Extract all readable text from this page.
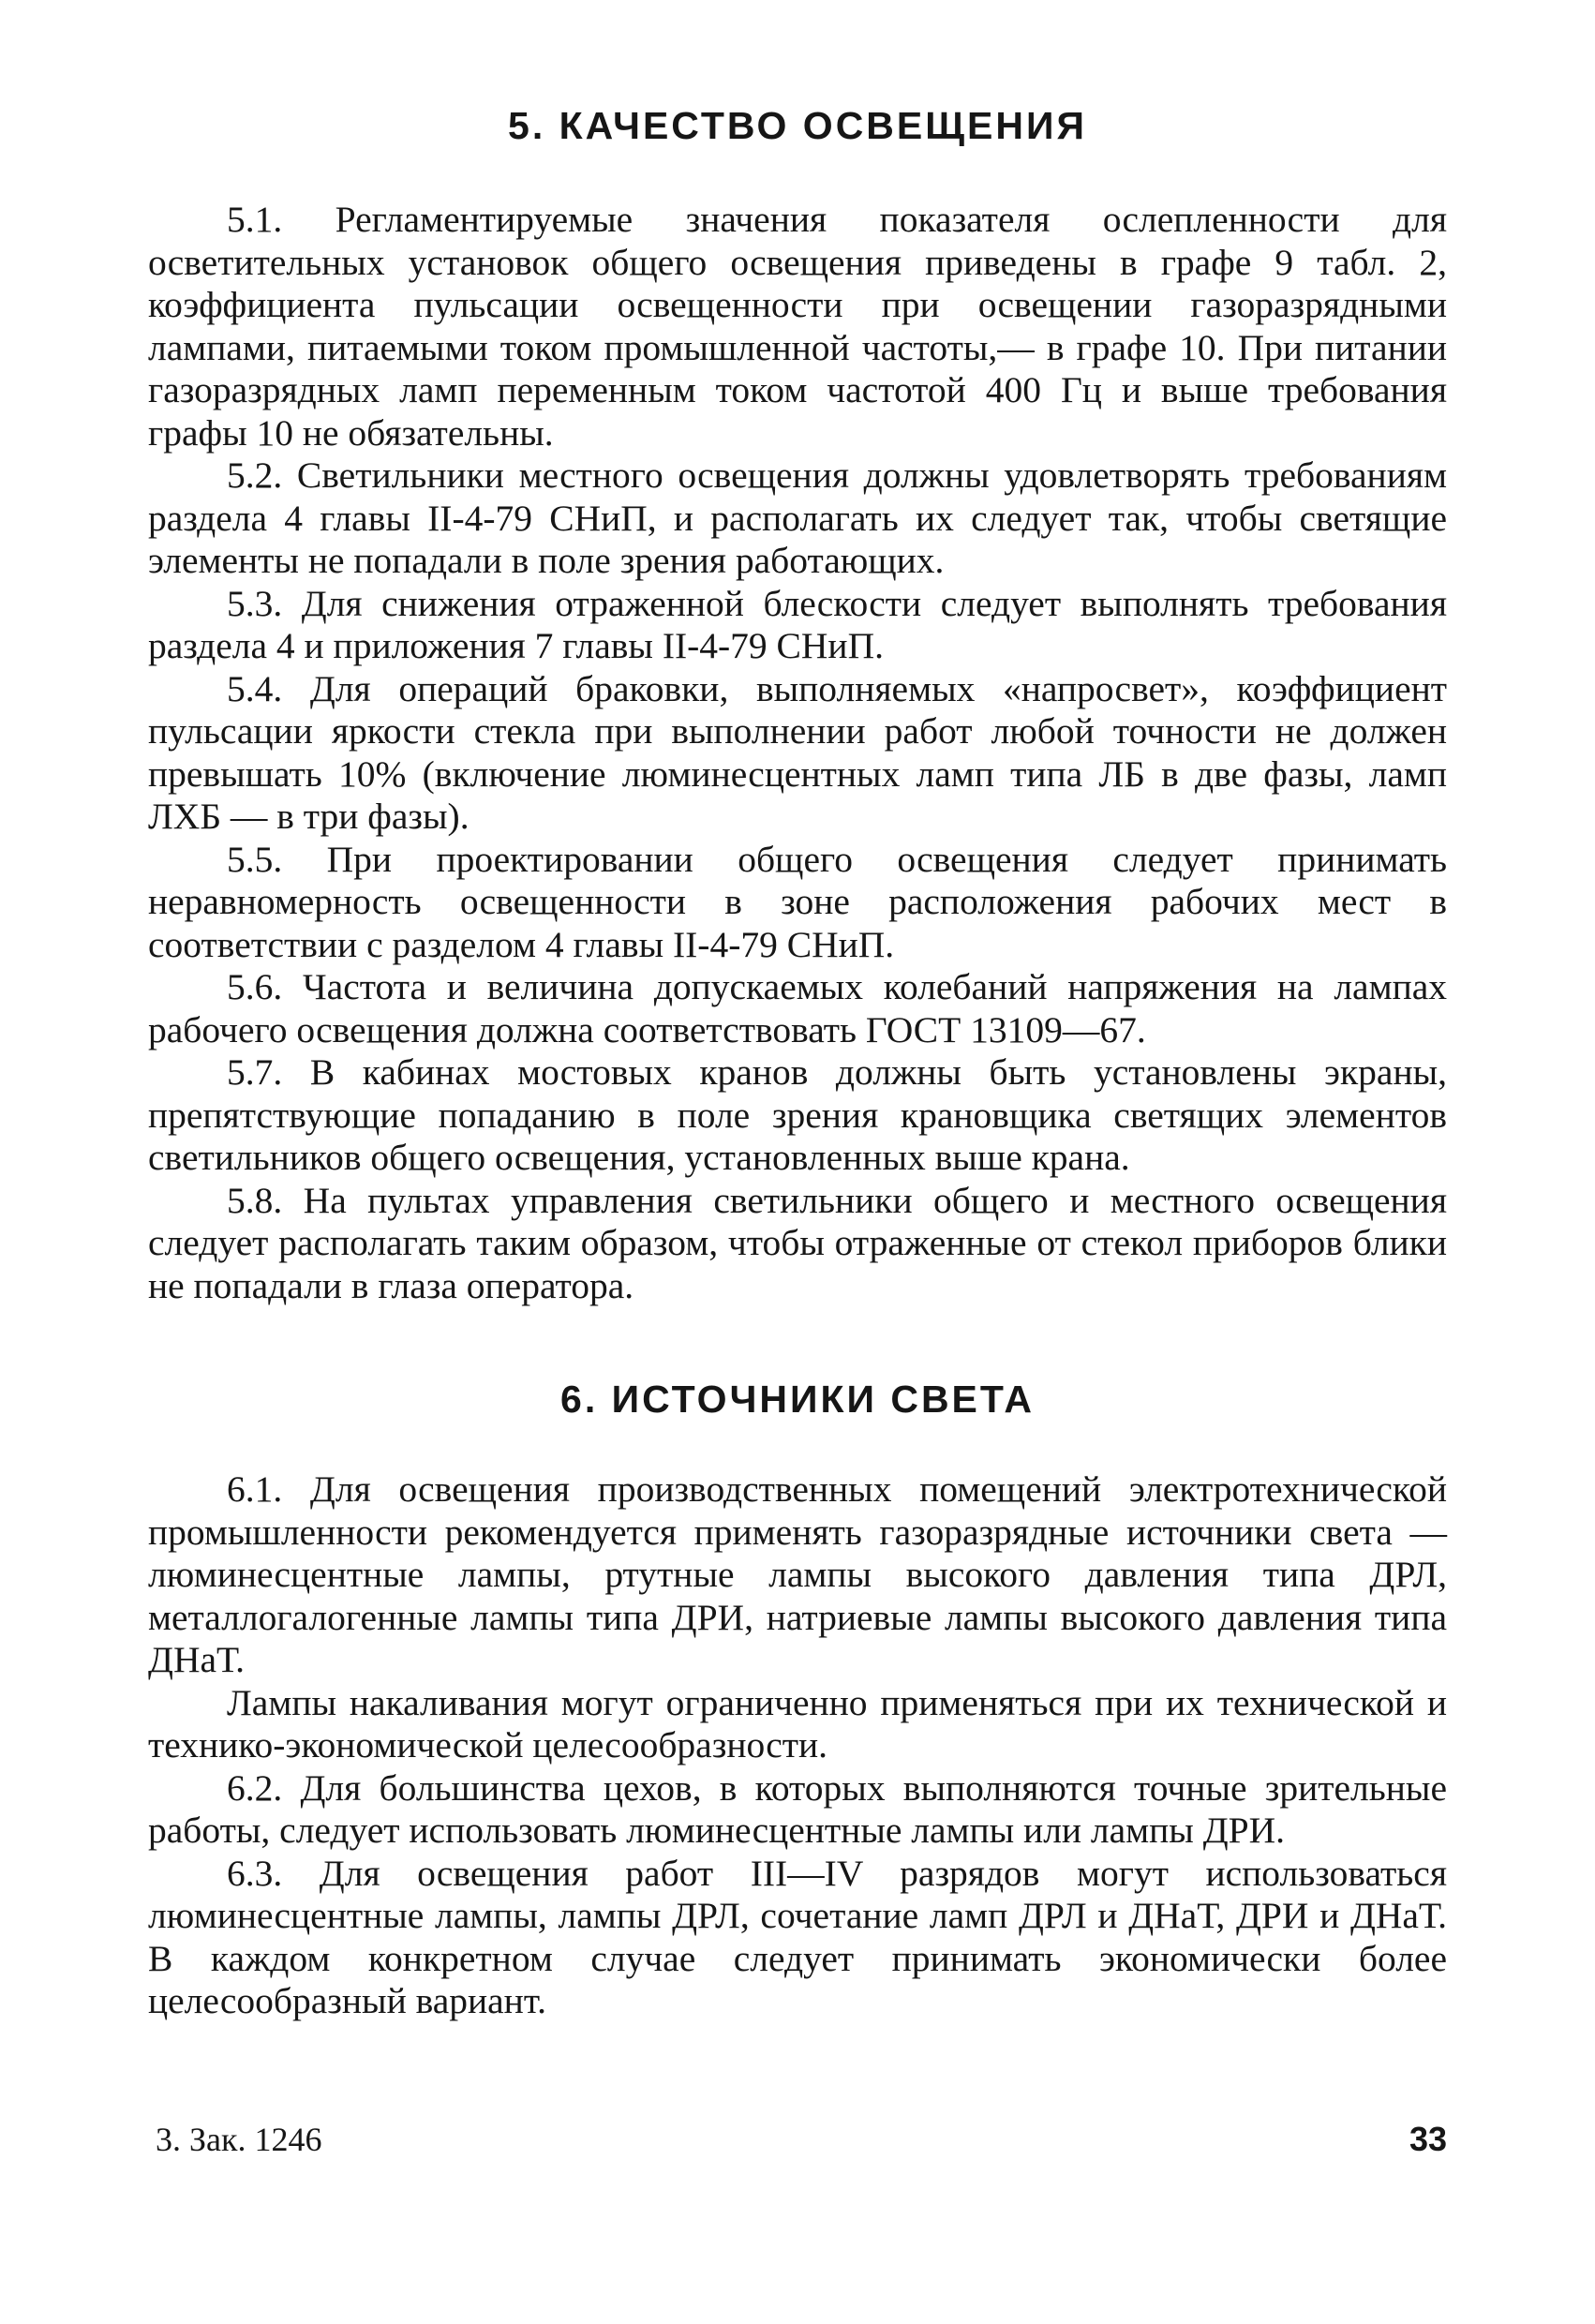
5. КАЧЕСТВО ОСВЕЩЕНИЯ

5.1. Регламентируемые значения показателя ослепленности для осветительных установок общего освещения приведены в графе 9 табл. 2, коэффициента пульсации освещенности при освещении газоразрядными лампами, питаемыми током промышленной частоты,— в графе 10. При питании газоразрядных ламп переменным током частотой 400 Гц и выше требования графы 10 не обязательны.

5.2. Светильники местного освещения должны удовлетворять требованиям раздела 4 главы II-4-79 СНиП, и располагать их следует так, чтобы светящие элементы не попадали в поле зрения работающих.

5.3. Для снижения отраженной блескости следует выполнять требования раздела 4 и приложения 7 главы II-4-79 СНиП.

5.4. Для операций браковки, выполняемых «напросвет», коэффициент пульсации яркости стекла при выполнении работ любой точности не должен превышать 10% (включение люминесцентных ламп типа ЛБ в две фазы, ламп ЛХБ — в три фазы).

5.5. При проектировании общего освещения следует принимать неравномерность освещенности в зоне расположения рабочих мест в соответствии с разделом 4 главы II-4-79 СНиП.

5.6. Частота и величина допускаемых колебаний напряжения на лампах рабочего освещения должна соответствовать ГОСТ 13109—67.

5.7. В кабинах мостовых кранов должны быть установлены экраны, препятствующие попаданию в поле зрения крановщика светящих элементов светильников общего освещения, установленных выше крана.

5.8. На пультах управления светильники общего и местного освещения следует располагать таким образом, чтобы отраженные от стекол приборов блики не попадали в глаза оператора.

6. ИСТОЧНИКИ СВЕТА

6.1. Для освещения производственных помещений электротехнической промышленности рекомендуется применять газоразрядные источники света — люминесцентные лампы, ртутные лампы высокого давления типа ДРЛ, металлогалогенные лампы типа ДРИ, натриевые лампы высокого давления типа ДНаТ.

Лампы накаливания могут ограниченно применяться при их технической и технико-экономической целесообразности.

6.2. Для большинства цехов, в которых выполняются точные зрительные работы, следует использовать люминесцентные лампы или лампы ДРИ.

6.3. Для освещения работ III—IV разрядов могут использоваться люминесцентные лампы, лампы ДРЛ, сочетание ламп ДРЛ и ДНаТ, ДРИ и ДНаТ. В каждом конкретном случае следует принимать экономически более целесообразный вариант.

3. Зак. 1246	33
